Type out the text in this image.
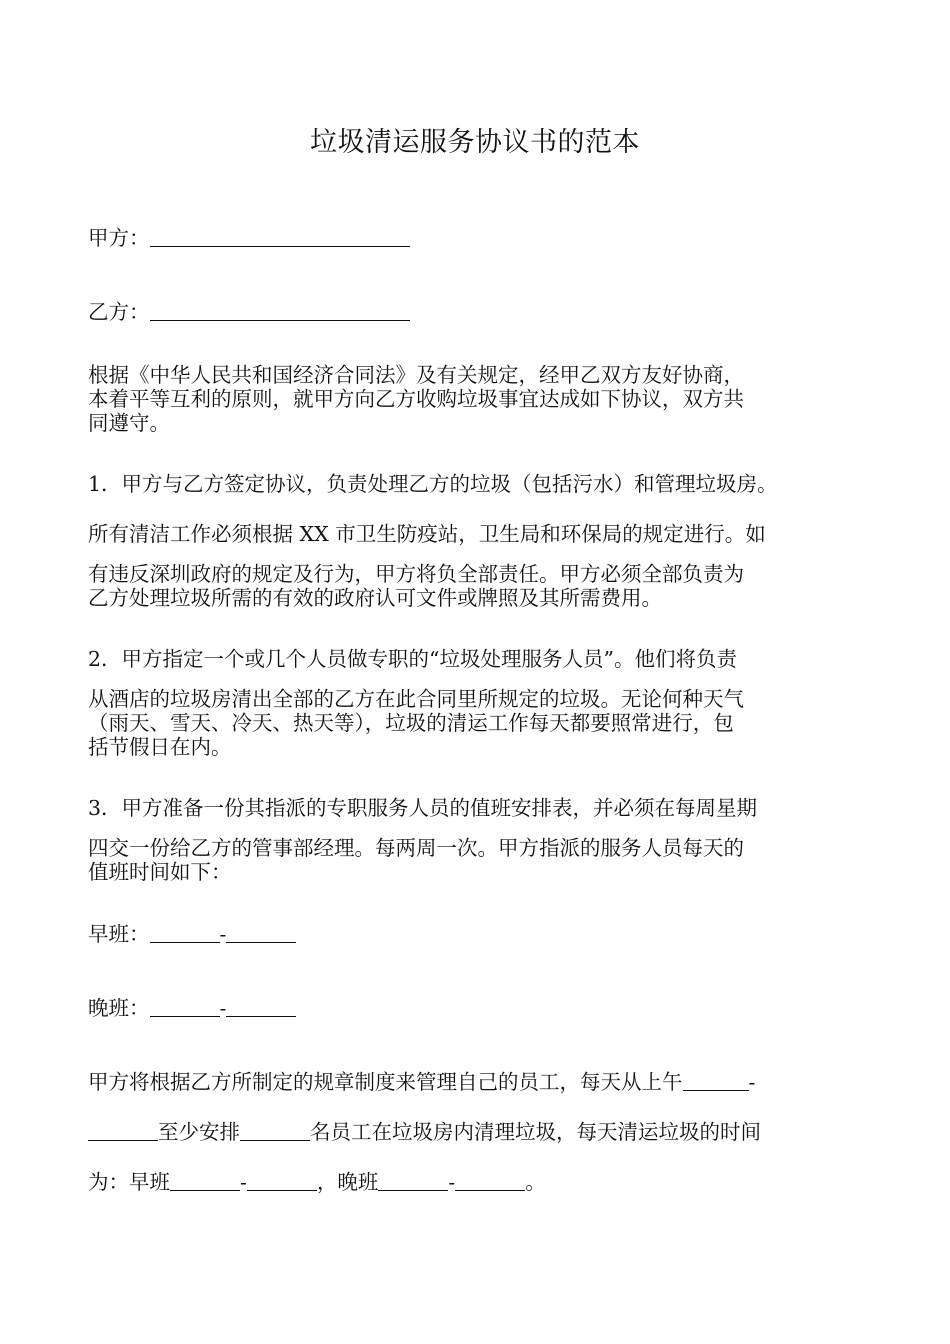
垃圾清运服务协议书的范本
甲方：
乙方：
根据《中华人民共和国经济合同法》及有关规定，经甲乙双方友好协商，
本着平等互利的原则，就甲方向乙方收购垃圾事宜达成如下协议，双方共
同遵守。
1．甲方与乙方签定协议，负责处理乙方的垃圾（包括污水）和管理垃圾房。
所有清洁工作必须根据 XX 市卫生防疫站，卫生局和环保局的规定进行。如
有违反深圳政府的规定及行为，甲方将负全部责任。甲方必须全部负责为
乙方处理垃圾所需的有效的政府认可文件或牌照及其所需费用。
2．甲方指定一个或几个人员做专职的“垃圾处理服务人员”。他们将负责
从酒店的垃圾房清出全部的乙方在此合同里所规定的垃圾。无论何种天气
（雨天、雪天、冷天、热天等），垃圾的清运工作每天都要照常进行，包
括节假日在内。
3．甲方准备一份其指派的专职服务人员的值班安排表，并必须在每周星期
四交一份给乙方的管事部经理。每两周一次。甲方指派的服务人员每天的
值班时间如下：
早班：	-
晚班：	-
甲方将根据乙方所制定的规章制度来管理自己的员工，每天从上午	-
至少安排	名员工在垃圾房内清理垃圾，每天清运垃圾的时间
为：早班	-	，晚班	-	。
